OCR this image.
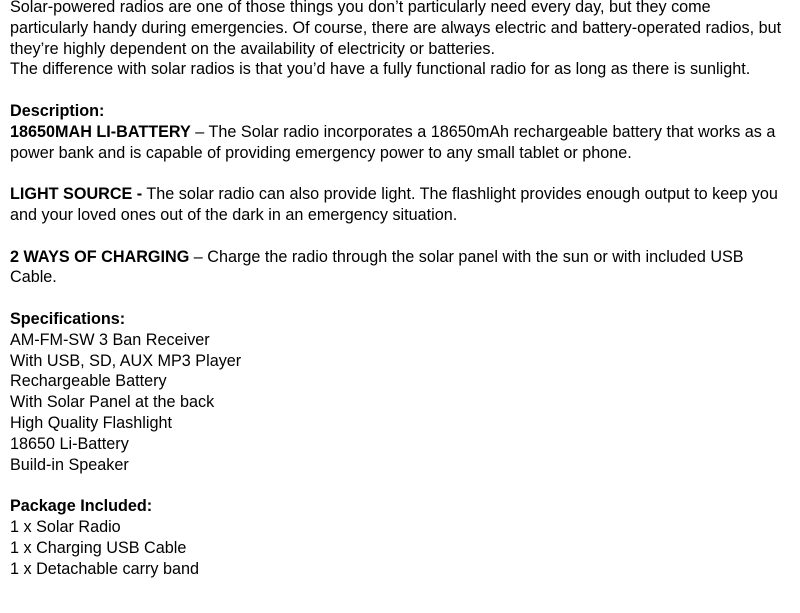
Solar-powered radios are one of those things you don’t particularly need every day, but they come particularly handy during emergencies. Of course, there are always electric and battery-operated radios, but they’re highly dependent on the availability of electricity or batteries.

The difference with solar radios is that you’d have a fully functional radio for as long as there is sunlight.

Description:

18650MAH LI-BATTERY – The Solar radio incorporates a 18650mAh rechargeable battery that works as a power bank and is capable of providing emergency power to any small tablet or phone.

LIGHT SOURCE - The solar radio can also provide light. The flashlight provides enough output to keep you and your loved ones out of the dark in an emergency situation.

2 WAYS OF CHARGING – Charge the radio through the solar panel with the sun or with included USB Cable.

Specifications:

AM-FM-SW 3 Ban Receiver
With USB, SD, AUX MP3 Player
Rechargeable Battery
With Solar Panel at the back
High Quality Flashlight
18650 Li-Battery
Build-in Speaker

Package Included:

1 x Solar Radio
1 x Charging USB Cable
1 x Detachable carry band
